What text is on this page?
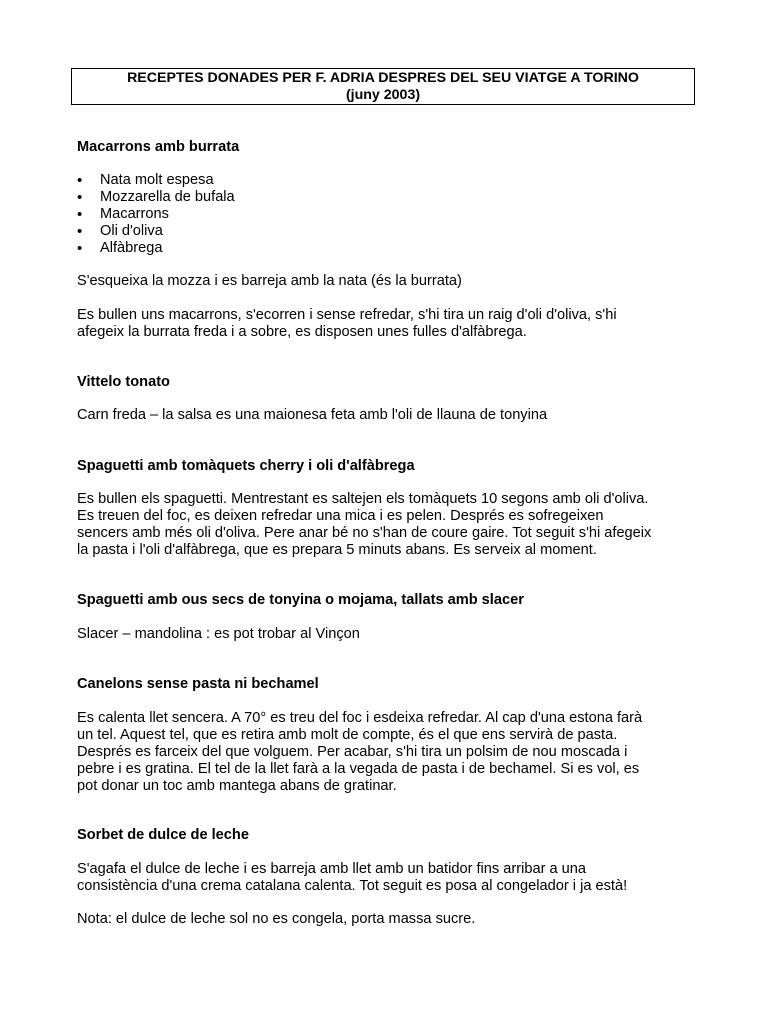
RECEPTES DONADES PER F. ADRIA DESPRES DEL SEU VIATGE A TORINO
(juny 2003)
Macarrons amb burrata
• Nata molt espesa
• Mozzarella de bufala
• Macarrons
• Oli d'oliva
• Alfàbrega
S'esqueixa la mozza i es barreja amb la nata (és la burrata)
Es bullen uns macarrons, s'ecorren i sense refredar, s'hi tira un raig d'oli d'oliva, s'hi
afegeix la burrata freda i a sobre, es disposen unes fulles d'alfàbrega.
Vittelo tonato
Carn freda – la salsa es una maionesa feta amb l'oli de llauna de tonyina
Spaguetti amb tomàquets cherry i oli d'alfàbrega
Es bullen els spaguetti. Mentrestant es saltejen els tomàquets 10 segons amb oli d'oliva.
Es treuen del foc, es deixen refredar una mica i es pelen. Després es sofregeixen
sencers amb més oli d'oliva. Pere anar bé no s'han de coure gaire. Tot seguit s'hi afegeix
la pasta i l'oli d'alfàbrega, que es prepara 5 minuts abans. Es serveix al moment.
Spaguetti amb ous secs de tonyina o mojama, tallats amb slacer
Slacer – mandolina : es pot trobar al Vinçon
Canelons sense pasta ni bechamel
Es calenta llet sencera. A 70° es treu del foc i esdeixa refredar. Al cap d'una estona farà
un tel. Aquest tel, que es retira amb molt de compte, és el que ens servirà de pasta.
Després es farceix del que volguem. Per acabar, s'hi tira un polsim de nou moscada i
pebre i es gratina. El tel de la llet farà a la vegada de pasta i de bechamel. Si es vol, es
pot donar un toc amb mantega abans de gratinar.
Sorbet de dulce de leche
S'agafa el dulce de leche i es barreja amb llet amb un batidor fins arribar a una
consistència d'una crema catalana calenta. Tot seguit es posa al congelador i ja està!
Nota: el dulce de leche sol no es congela, porta massa sucre.
